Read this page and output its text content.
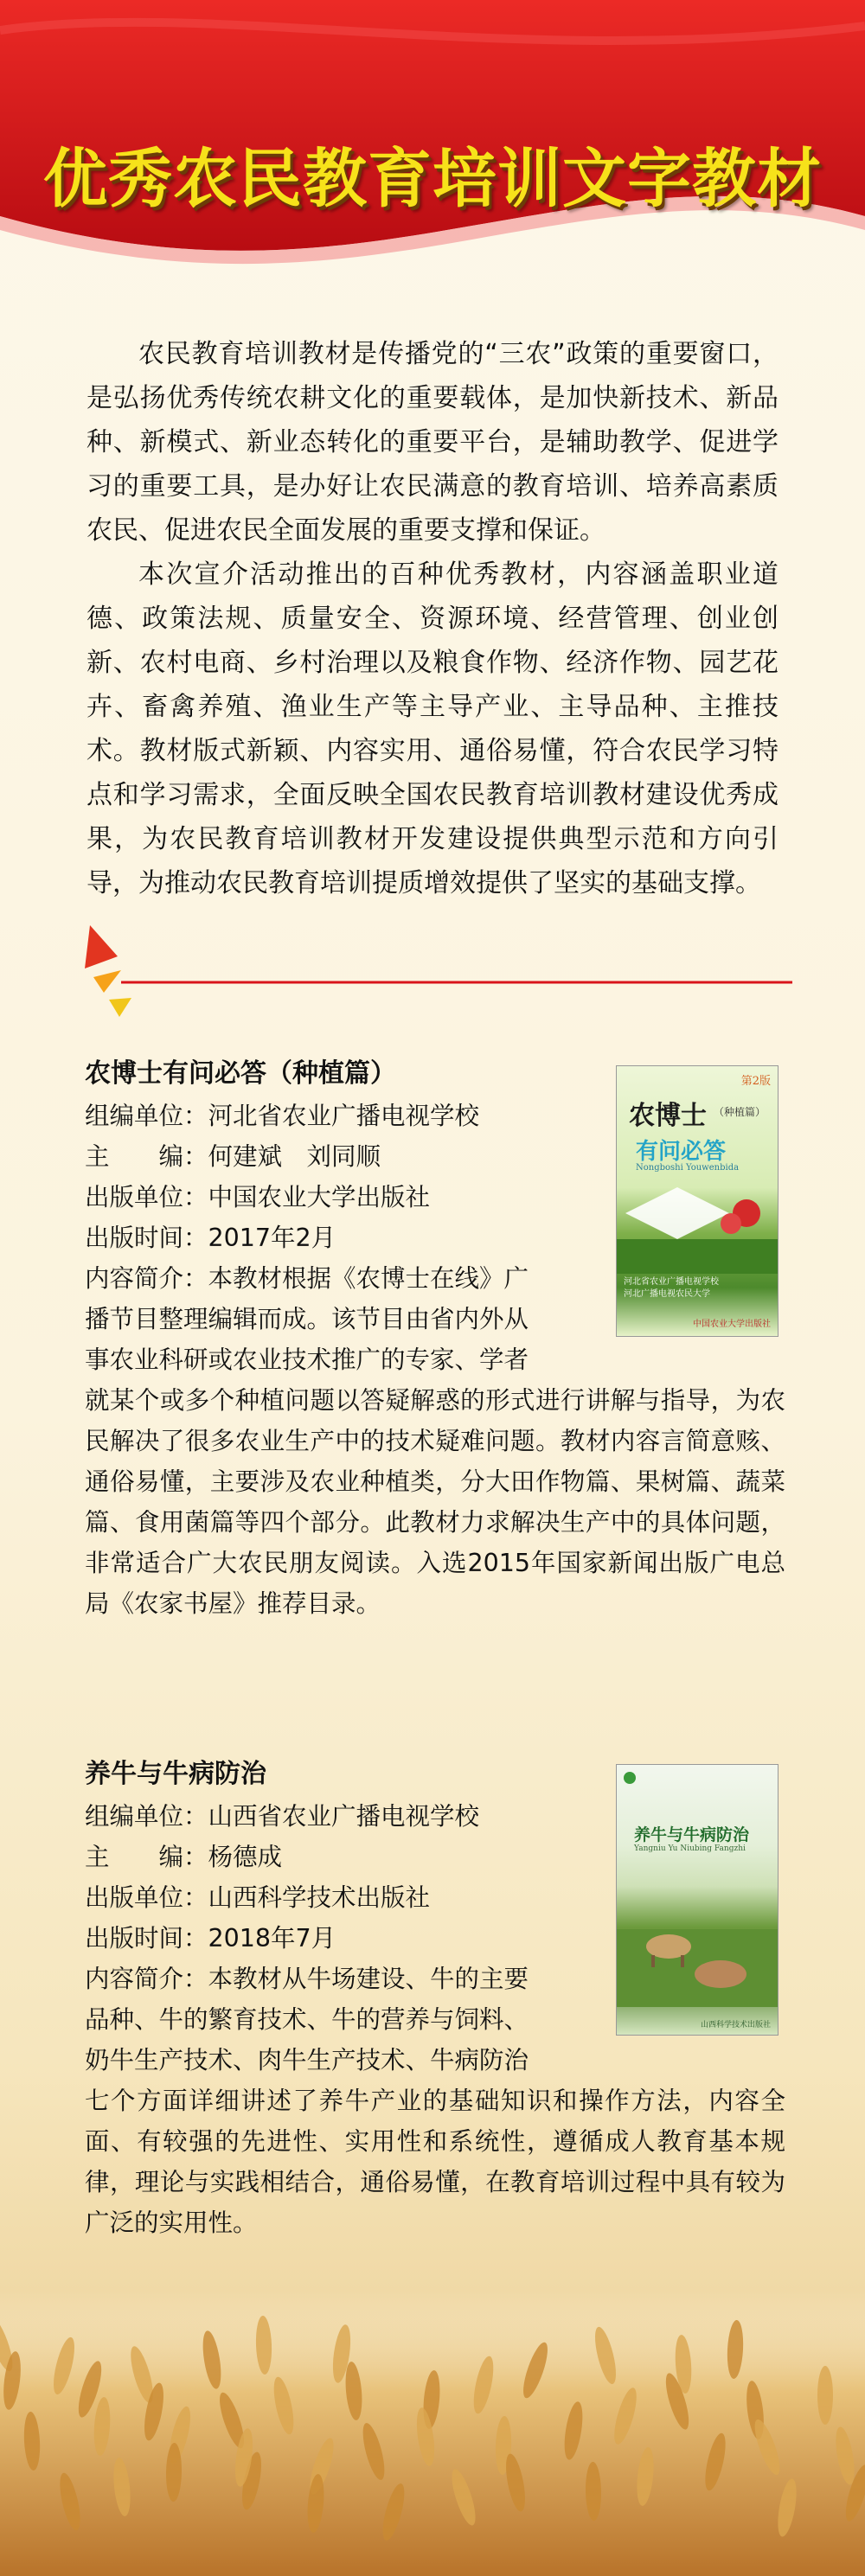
优秀农民教育培训文字教材

农民教育培训教材是传播党的“三农”政策的重要窗口，是弘扬优秀传统农耕文化的重要载体，是加快新技术、新品种、新模式、新业态转化的重要平台，是辅助教学、促进学习的重要工具，是办好让农民满意的教育培训、培养高素质农民、促进农民全面发展的重要支撑和保证。

本次宣介活动推出的百种优秀教材，内容涵盖职业道德、政策法规、质量安全、资源环境、经营管理、创业创新、农村电商、乡村治理以及粮食作物、经济作物、园艺花卉、畜禽养殖、渔业生产等主导产业、主导品种、主推技术。教材版式新颖、内容实用、通俗易懂，符合农民学习特点和学习需求，全面反映全国农民教育培训教材建设优秀成果，为农民教育培训教材开发建设提供典型示范和方向引导，为推动农民教育培训提质增效提供了坚实的基础支撑。

农博士有问必答（种植篇）
组编单位：河北省农业广播电视学校
主　　编：何建斌　刘同顺
出版单位：中国农业大学出版社
出版时间：2017年2月
内容简介：本教材根据《农博士在线》广
播节目整理编辑而成。该节目由省内外从
事农业科研或农业技术推广的专家、学者
就某个或多个种植问题以答疑解惑的形式进行讲解与指导，为农民解决了很多农业生产中的技术疑难问题。教材内容言简意赅、通俗易懂，主要涉及农业种植类，分大田作物篇、果树篇、蔬菜篇、食用菌篇等四个部分。此教材力求解决生产中的具体问题，非常适合广大农民朋友阅读。入选2015年国家新闻出版广电总局《农家书屋》推荐目录。
第2版
农博士 （种植篇）
有问必答
Nongboshi Youwenbida
河北省农业广播电视学校
河北广播电视农民大学
中国农业大学出版社
养牛与牛病防治
组编单位：山西省农业广播电视学校
主　　编：杨德成
出版单位：山西科学技术出版社
出版时间：2018年7月
内容简介：本教材从牛场建设、牛的主要
品种、牛的繁育技术、牛的营养与饲料、
奶牛生产技术、肉牛生产技术、牛病防治
七个方面详细讲述了养牛产业的基础知识和操作方法，内容全面、有较强的先进性、实用性和系统性，遵循成人教育基本规律，理论与实践相结合，通俗易懂，在教育培训过程中具有较为广泛的实用性。
养牛与牛病防治
Yangniu Yu Niubing Fangzhi
山西科学技术出版社
